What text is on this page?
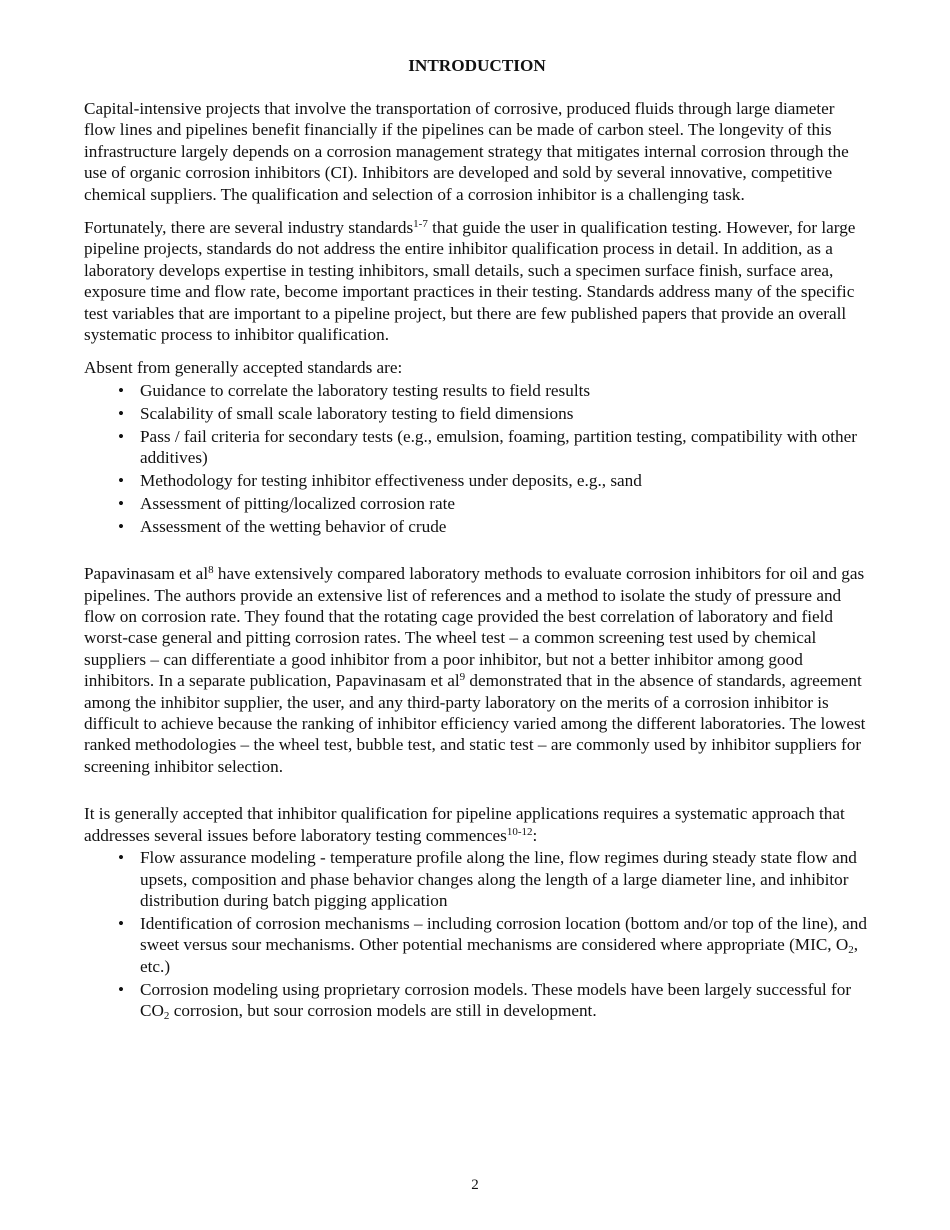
INTRODUCTION

Capital-intensive projects that involve the transportation of corrosive, produced fluids through large diameter flow lines and pipelines benefit financially if the pipelines can be made of carbon steel. The longevity of this infrastructure largely depends on a corrosion management strategy that mitigates internal corrosion through the use of organic corrosion inhibitors (CI). Inhibitors are developed and sold by several innovative, competitive chemical suppliers. The qualification and selection of a corrosion inhibitor is a challenging task.

Fortunately, there are several industry standards$^{1-7}$ that guide the user in qualification testing. However, for large pipeline projects, standards do not address the entire inhibitor qualification process in detail. In addition, as a laboratory develops expertise in testing inhibitors, small details, such a specimen surface finish, surface area, exposure time and flow rate, become important practices in their testing. Standards address many of the specific test variables that are important to a pipeline project, but there are few published papers that provide an overall systematic process to inhibitor qualification.

Absent from generally accepted standards are:

• Guidance to correlate the laboratory testing results to field results
• Scalability of small scale laboratory testing to field dimensions
• Pass / fail criteria for secondary tests (e.g., emulsion, foaming, partition testing, compatibility with other additives)
• Methodology for testing inhibitor effectiveness under deposits, e.g., sand
• Assessment of pitting/localized corrosion rate
• Assessment of the wetting behavior of crude

Papavinasam et $al^8$ have extensively compared laboratory methods to evaluate corrosion inhibitors for oil and gas pipelines. The authors provide an extensive list of references and a method to isolate the study of pressure and flow on corrosion rate. They found that the rotating cage provided the best correlation of laboratory and field worst-case general and pitting corrosion rates. The wheel test – a common screening test used by chemical suppliers – can differentiate a good inhibitor from a poor inhibitor, but not a better inhibitor among good inhibitors. In a separate publication, Papavinasam et $al^9$ demonstrated that in the absence of standards, agreement among the inhibitor supplier, the user, and any third-party laboratory on the merits of a corrosion inhibitor is difficult to achieve because the ranking of inhibitor efficiency varied among the different laboratories. The lowest ranked methodologies – the wheel test, bubble test, and static test – are commonly used by inhibitor suppliers for screening inhibitor selection.

It is generally accepted that inhibitor qualification for pipeline applications requires a systematic approach that addresses several issues before laboratory testing commences$^{10-12}$:

• Flow assurance modeling - temperature profile along the line, flow regimes during steady state flow and upsets, composition and phase behavior changes along the length of a large diameter line, and inhibitor distribution during batch pigging application
• Identification of corrosion mechanisms – including corrosion location (bottom and/or top of the line), and sweet versus sour mechanisms. Other potential mechanisms are considered where appropriate (MIC, $O_2$, etc.)
• Corrosion modeling using proprietary corrosion models. These models have been largely successful for $CO_2$ corrosion, but sour corrosion models are still in development.
2
